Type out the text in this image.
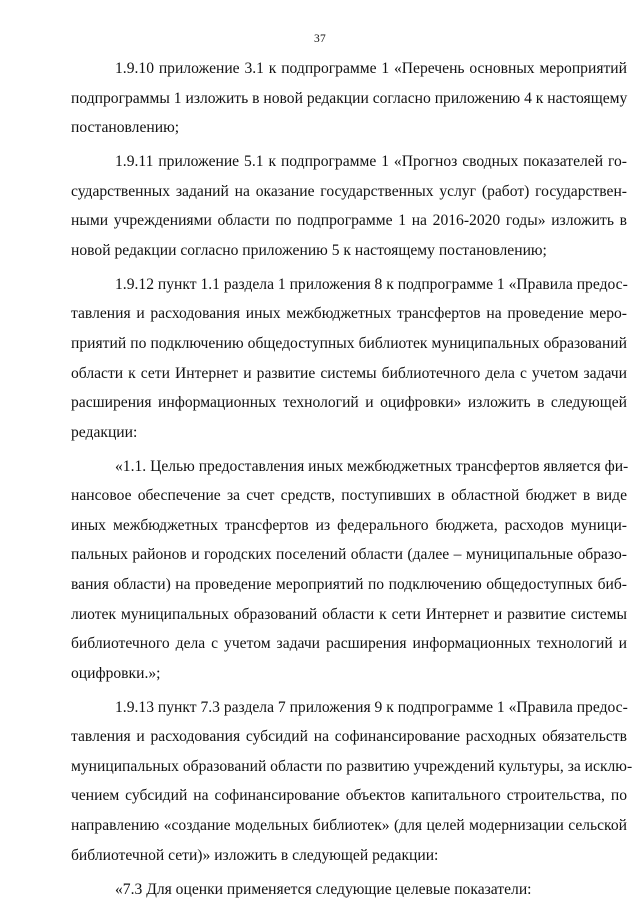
37
1.9.10 приложение 3.1 к подпрограмме 1 «Перечень основных мероприятий
подпрограммы 1 изложить в новой редакции согласно приложению 4 к настоящему
постановлению;
1.9.11 приложение 5.1 к подпрограмме 1 «Прогноз сводных показателей го-
сударственных заданий на оказание государственных услуг (работ) государствен-
ными учреждениями области по подпрограмме 1 на 2016-2020 годы» изложить в
новой редакции согласно приложению 5 к настоящему постановлению;
1.9.12 пункт 1.1 раздела 1 приложения 8 к подпрограмме 1 «Правила предос-
тавления и расходования иных межбюджетных трансфертов на проведение меро-
приятий по подключению общедоступных библиотек муниципальных образований
области к сети Интернет и развитие системы библиотечного дела с учетом задачи
расширения информационных технологий и оцифровки» изложить в следующей
редакции:
«1.1. Целью предоставления иных межбюджетных трансфертов является фи-
нансовое обеспечение за счет средств, поступивших в областной бюджет в виде
иных межбюджетных трансфертов из федерального бюджета, расходов муници-
пальных районов и городских поселений области (далее – муниципальные образо-
вания области) на проведение мероприятий по подключению общедоступных биб-
лиотек муниципальных образований области к сети Интернет и развитие системы
библиотечного дела с учетом задачи расширения информационных технологий и
оцифровки.»;
1.9.13 пункт 7.3 раздела 7 приложения 9 к подпрограмме 1 «Правила предос-
тавления и расходования субсидий на софинансирование расходных обязательств
муниципальных образований области по развитию учреждений культуры, за исклю-
чением субсидий на софинансирование объектов капитального строительства, по
направлению «создание модельных библиотек» (для целей модернизации сельской
библиотечной сети)» изложить в следующей редакции:
«7.3 Для оценки применяется следующие целевые показатели:
